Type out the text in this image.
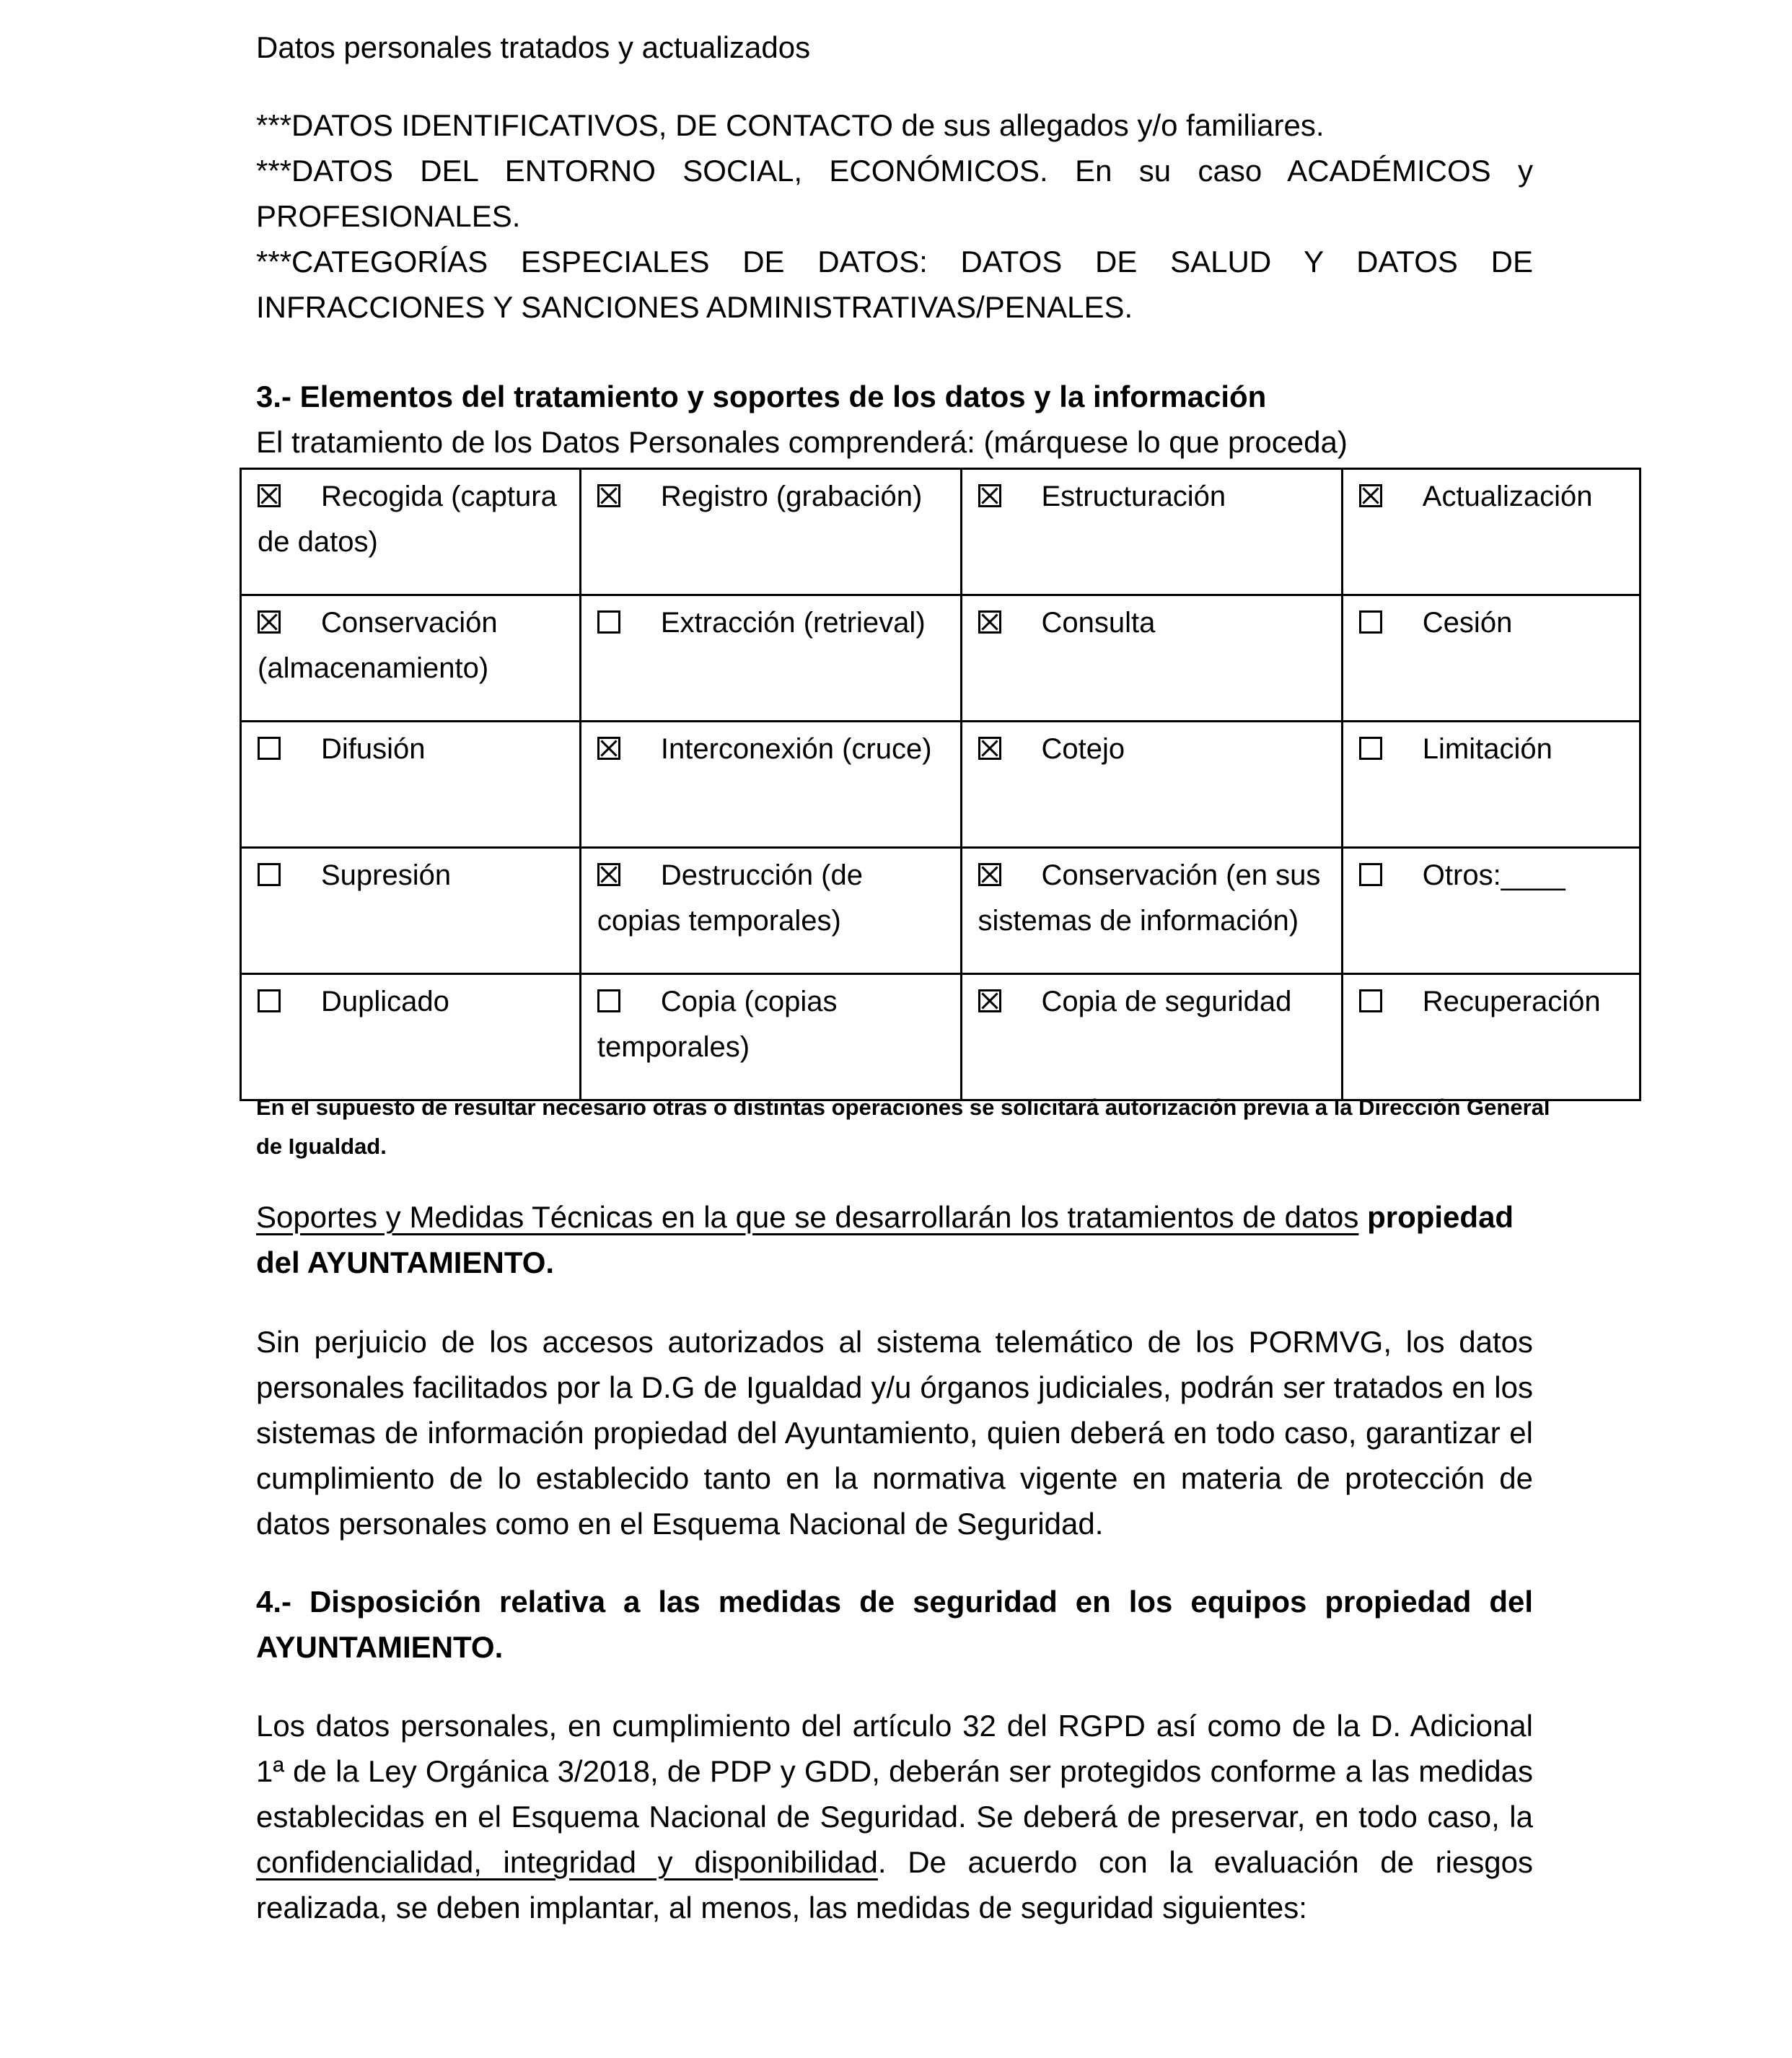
Datos personales tratados y actualizados
***DATOS IDENTIFICATIVOS, DE CONTACTO de sus allegados y/o familiares.
***DATOS DEL ENTORNO SOCIAL, ECONÓMICOS. En su caso ACADÉMICOS y PROFESIONALES.
***CATEGORÍAS ESPECIALES DE DATOS: DATOS DE SALUD Y DATOS DE INFRACCIONES Y SANCIONES ADMINISTRATIVAS/PENALES.
3.- Elementos del tratamiento y soportes de los datos y la información
El tratamiento de los Datos Personales comprenderá: (márquese lo que proceda)
Recogida (captura de datos)	Registro (grabación)	Estructuración	Actualización
Conservación (almacenamiento)	Extracción (retrieval)	Consulta	Cesión
Difusión	Interconexión (cruce)	Cotejo	Limitación
Supresión	Destrucción (de copias temporales)	Conservación (en sus sistemas de información)	Otros:____
Duplicado	Copia (copias temporales)	Copia de seguridad	Recuperación
En el supuesto de resultar necesario otras o distintas operaciones se solicitará autorización previa a la Dirección General de Igualdad.
Soportes y Medidas Técnicas en la que se desarrollarán los tratamientos de datos propiedad del AYUNTAMIENTO.
Sin perjuicio de los accesos autorizados al sistema telemático de los PORMVG, los datos personales facilitados por la D.G de Igualdad y/u órganos judiciales, podrán ser tratados en los sistemas de información propiedad del Ayuntamiento, quien deberá en todo caso, garantizar el cumplimiento de lo establecido tanto en la normativa vigente en materia de protección de datos personales como en el Esquema Nacional de Seguridad.
4.- Disposición relativa a las medidas de seguridad en los equipos propiedad del AYUNTAMIENTO.
Los datos personales, en cumplimiento del artículo 32 del RGPD así como de la D. Adicional 1ª de la Ley Orgánica 3/2018, de PDP y GDD, deberán ser protegidos conforme a las medidas establecidas en el Esquema Nacional de Seguridad. Se deberá de preservar, en todo caso, la confidencialidad, integridad y disponibilidad. De acuerdo con la evaluación de riesgos realizada, se deben implantar, al menos, las medidas de seguridad siguientes:
